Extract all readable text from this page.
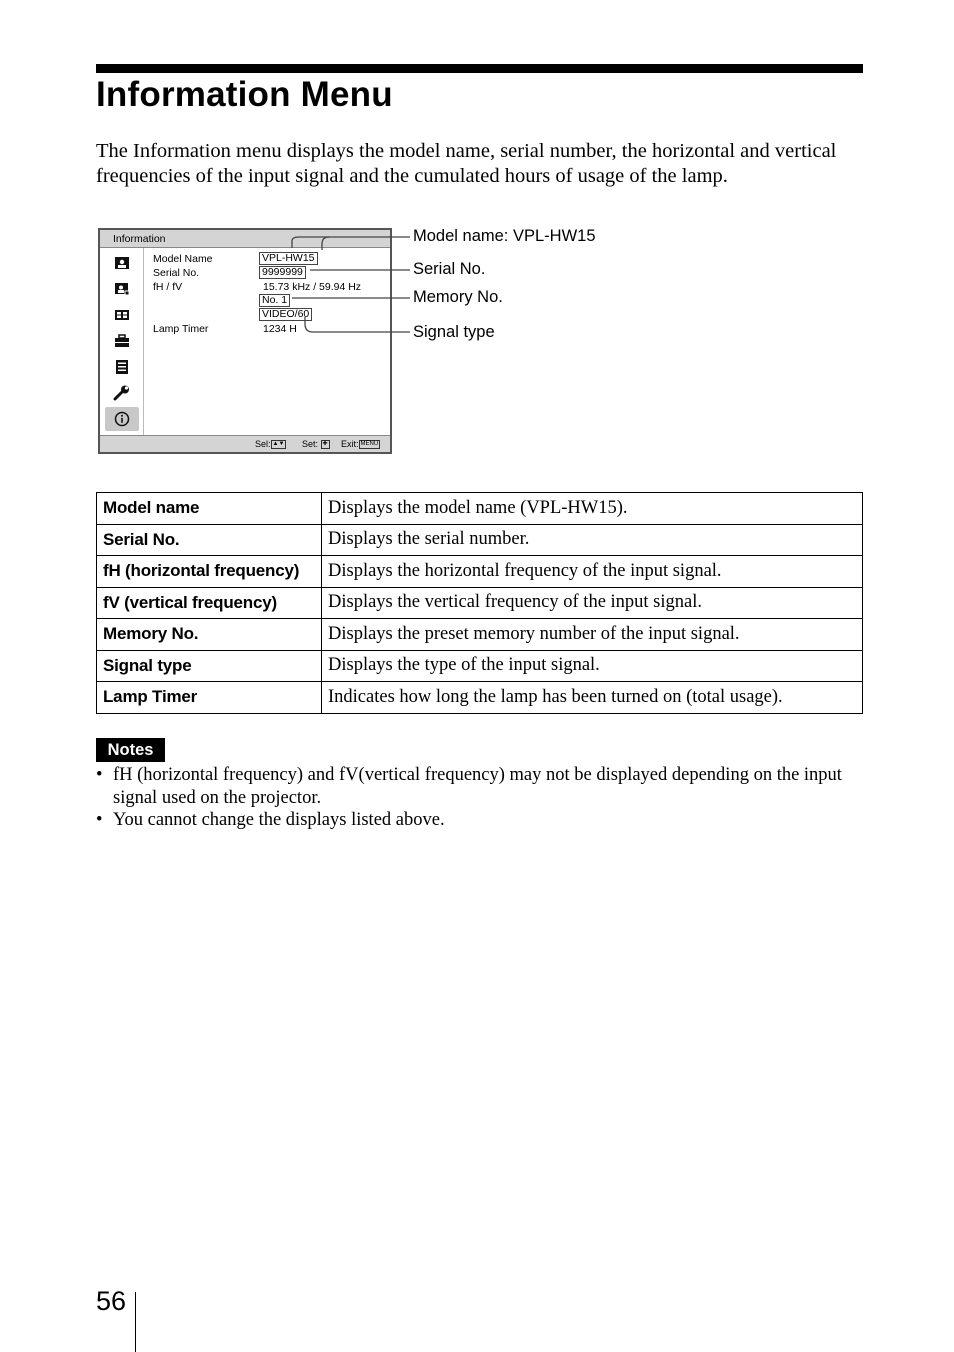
Information Menu

The Information menu displays the model name, serial number, the horizontal and vertical frequencies of the input signal and the cumulated hours of usage of the lamp.

Information
Model Name
Serial No.
fH / fV
Lamp Timer
VPL-HW15
9999999
15.73 kHz / 59.94 Hz
No. 1
VIDEO/60
1234 H
Sel: ▲▼ Set: ✚ Exit: MENU
Model name: VPL-HW15
Serial No.
Memory No.
Signal type
Model name	Displays the model name (VPL-HW15).
Serial No.	Displays the serial number.
fH (horizontal frequency)	Displays the horizontal frequency of the input signal.
fV (vertical frequency)	Displays the vertical frequency of the input signal.
Memory No.	Displays the preset memory number of the input signal.
Signal type	Displays the type of the input signal.
Lamp Timer	Indicates how long the lamp has been turned on (total usage).
Notes
• fH (horizontal frequency) and fV(vertical frequency) may not be displayed depending on the input signal used on the projector.
• You cannot change the displays listed above.
56
